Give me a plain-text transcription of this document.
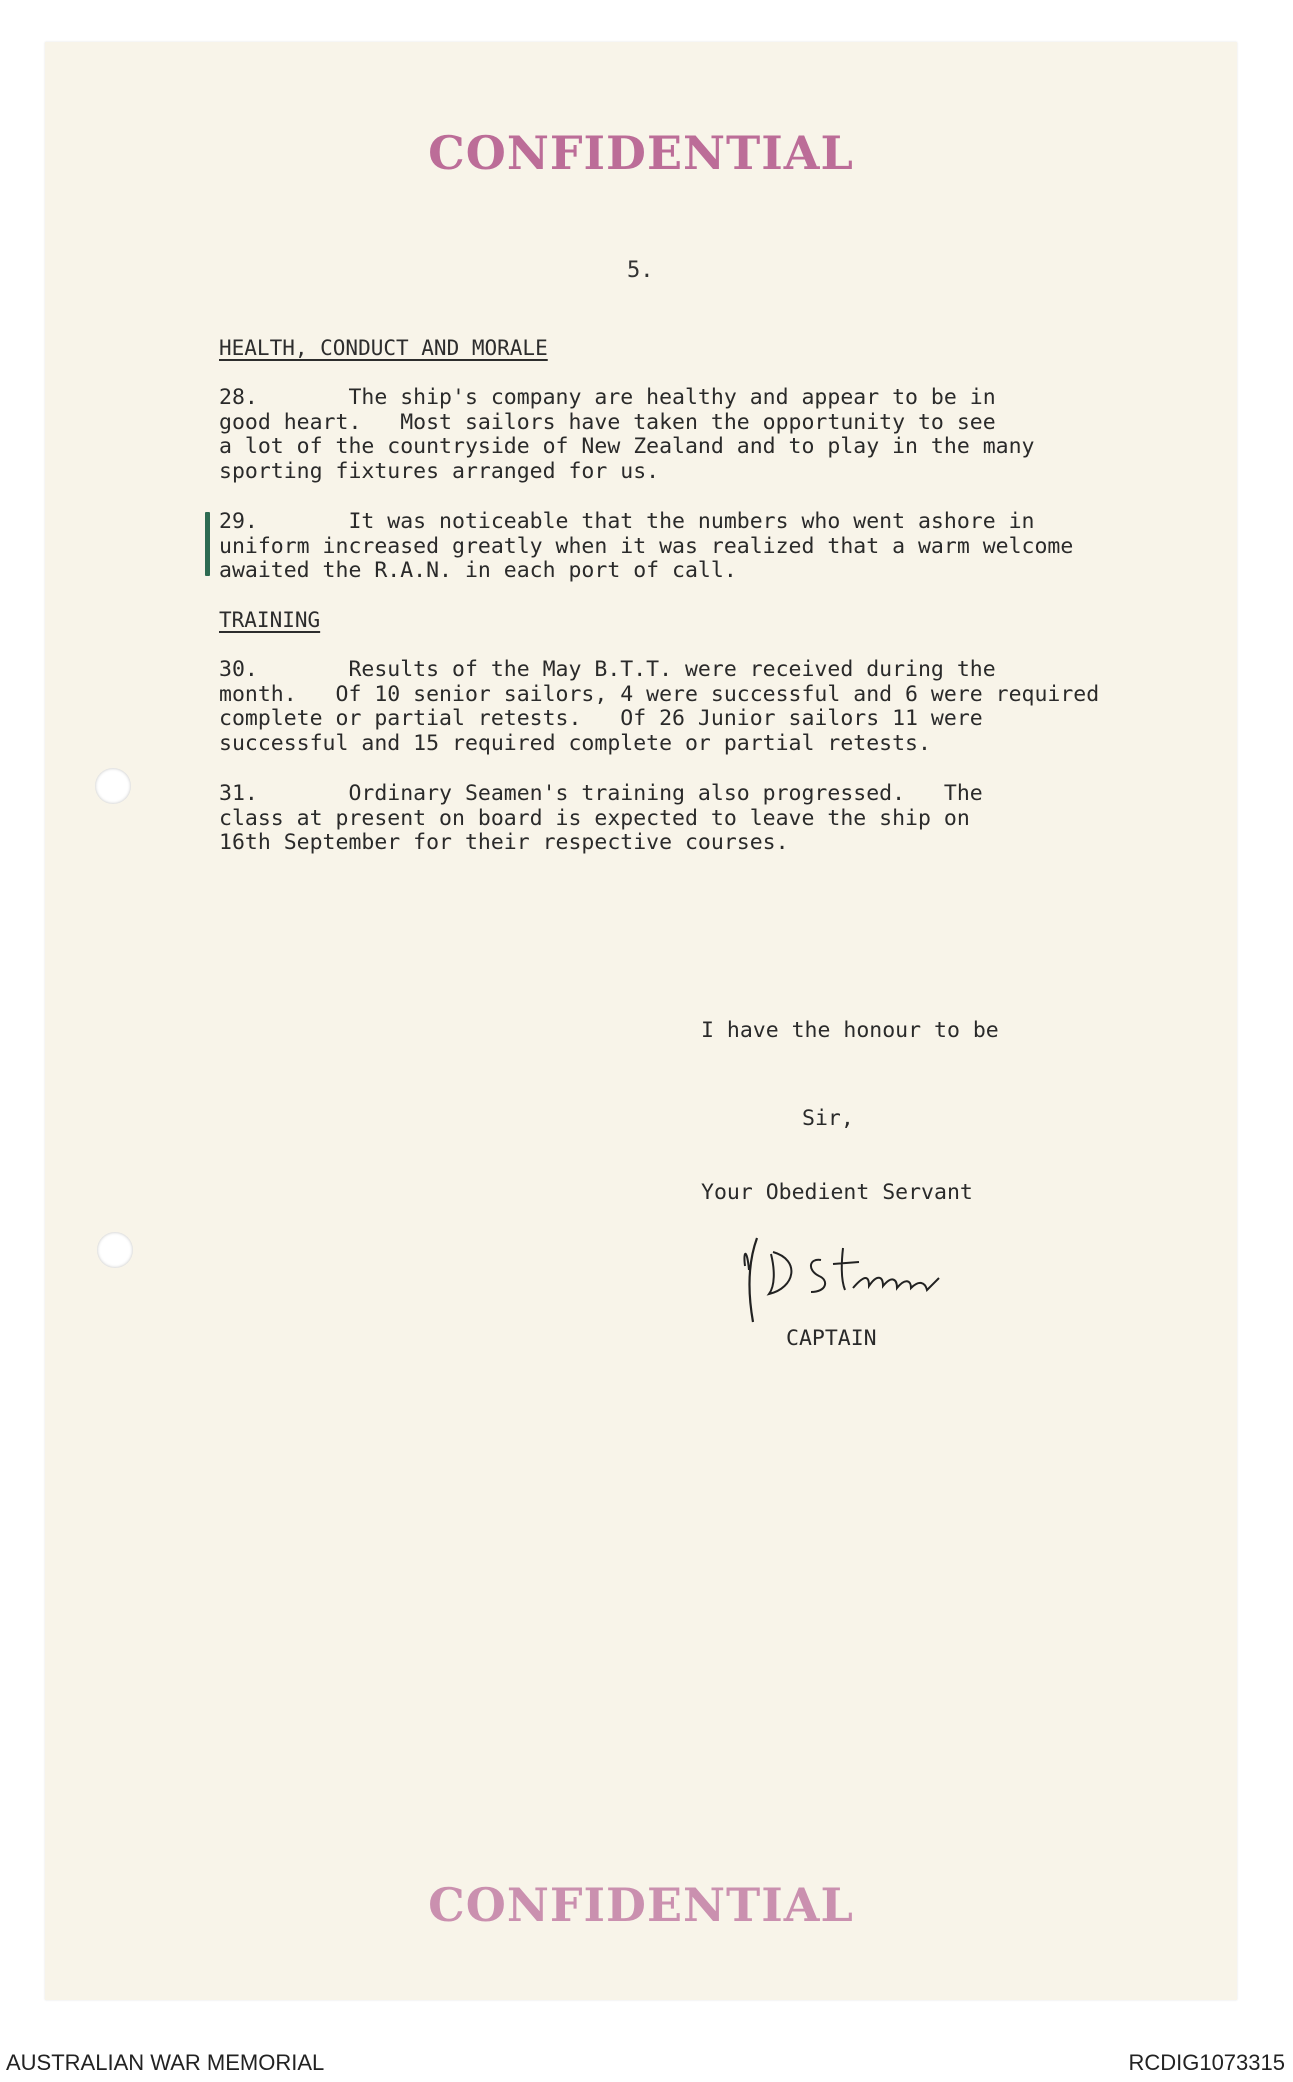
CONFIDENTIAL
5.
HEALTH, CONDUCT AND MORALE
28.       The ship's company are healthy and appear to be in
good heart.   Most sailors have taken the opportunity to see
a lot of the countryside of New Zealand and to play in the many
sporting fixtures arranged for us.
29.       It was noticeable that the numbers who went ashore in
uniform increased greatly when it was realized that a warm welcome
awaited the R.A.N. in each port of call.
TRAINING
30.       Results of the May B.T.T. were received during the
month.   Of 10 senior sailors, 4 were successful and 6 were required
complete or partial retests.   Of 26 Junior sailors 11 were
successful and 15 required complete or partial retests.
31.       Ordinary Seamen's training also progressed.   The
class at present on board is expected to leave the ship on
16th September for their respective courses.
I have the honour to be
Sir,
Your Obedient Servant
CAPTAIN
CONFIDENTIAL
AUSTRALIAN WAR MEMORIAL	RCDIG1073315
